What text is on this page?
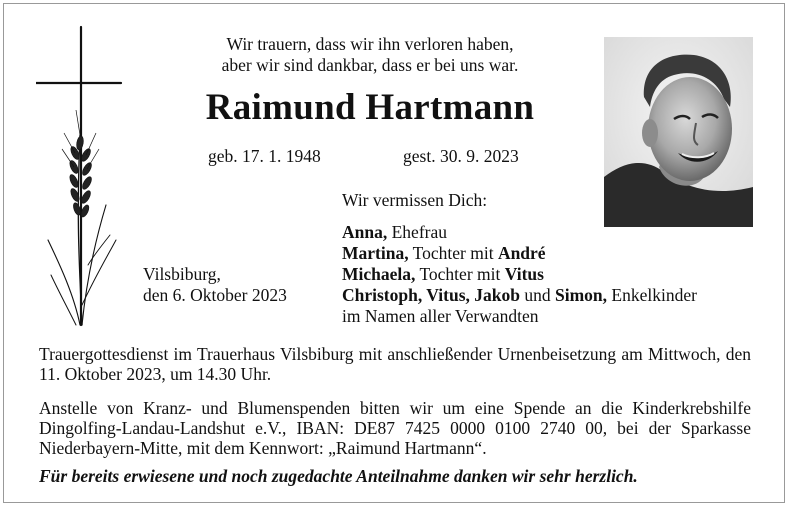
Wir trauern, dass wir ihn verloren haben,
aber wir sind dankbar, dass er bei uns war.
Raimund Hartmann
geb. 17. 1. 1948	gest. 30. 9. 2023
Wir vermissen Dich:
Anna, Ehefrau
Martina, Tochter mit André
Michaela, Tochter mit Vitus
Christoph, Vitus, Jakob und Simon, Enkelkinder
im Namen aller Verwandten
Vilsbiburg,
den 6. Oktober 2023
Trauergottesdienst im Trauerhaus Vilsbiburg mit anschließender Urnenbeisetzung am Mittwoch, den 11. Oktober 2023, um 14.30 Uhr.
Anstelle von Kranz- und Blumenspenden bitten wir um eine Spende an die Kinderkrebshilfe Dingolfing-Landau-Landshut e.V., IBAN: DE87 7425 0000 0100 2740 00, bei der Sparkasse Niederbayern-Mitte, mit dem Kennwort: „Raimund Hartmann“.
Für bereits erwiesene und noch zugedachte Anteilnahme danken wir sehr herzlich.
